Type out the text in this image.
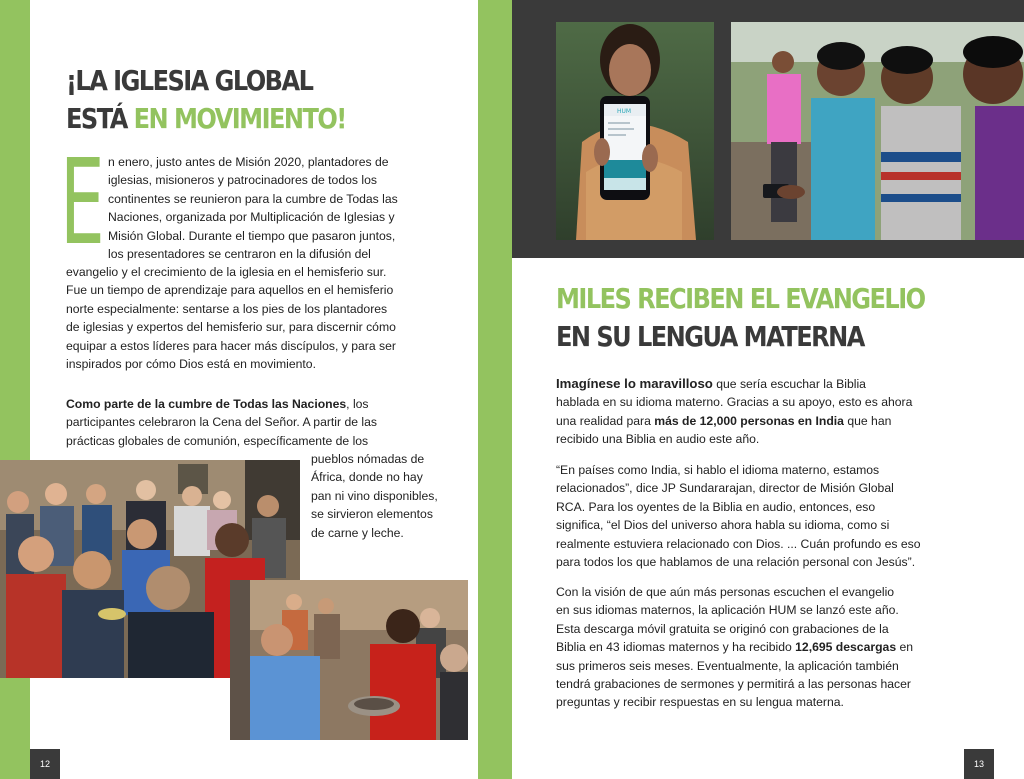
¡LA IGLESIA GLOBAL
ESTÁ EN MOVIMIENTO!
E n enero, justo antes de Misión 2020, plantadores de
iglesias, misioneros y patrocinadores de todos los
continentes se reunieron para la cumbre de Todas las
Naciones, organizada por Multiplicación de Iglesias y
Misión Global. Durante el tiempo que pasaron juntos,
los presentadores se centraron en la difusión del
evangelio y el crecimiento de la iglesia en el hemisferio sur.
Fue un tiempo de aprendizaje para aquellos en el hemisferio
norte especialmente: sentarse a los pies de los plantadores
de iglesias y expertos del hemisferio sur, para discernir cómo
equipar a estos líderes para hacer más discípulos, y para ser
inspirados por cómo Dios está en movimiento.
Como parte de la cumbre de Todas las Naciones, los
participantes celebraron la Cena del Señor. A partir de las
prácticas globales de comunión, específicamente de los
pueblos nómadas de
África, donde no hay
pan ni vino disponibles,
se sirvieron elementos
de carne y leche.
12
HUM
MILES RECIBEN EL EVANGELIO
EN SU LENGUA MATERNA
Imagínese lo maravilloso que sería escuchar la Biblia
hablada en su idioma materno. Gracias a su apoyo, esto es ahora
una realidad para más de 12,000 personas en India que han
recibido una Biblia en audio este año.
“En países como India, si hablo el idioma materno, estamos
relacionados”, dice JP Sundararajan, director de Misión Global
RCA. Para los oyentes de la Biblia en audio, entonces, eso
significa, “el Dios del universo ahora habla su idioma, como si
realmente estuviera relacionado con Dios. ... Cuán profundo es eso
para todos los que hablamos de una relación personal con Jesús”.
Con la visión de que aún más personas escuchen el evangelio
en sus idiomas maternos, la aplicación HUM se lanzó este año.
Esta descarga móvil gratuita se originó con grabaciones de la
Biblia en 43 idiomas maternos y ha recibido 12,695 descargas en
sus primeros seis meses. Eventualmente, la aplicación también
tendrá grabaciones de sermones y permitirá a las personas hacer
preguntas y recibir respuestas en su lengua materna.
13
